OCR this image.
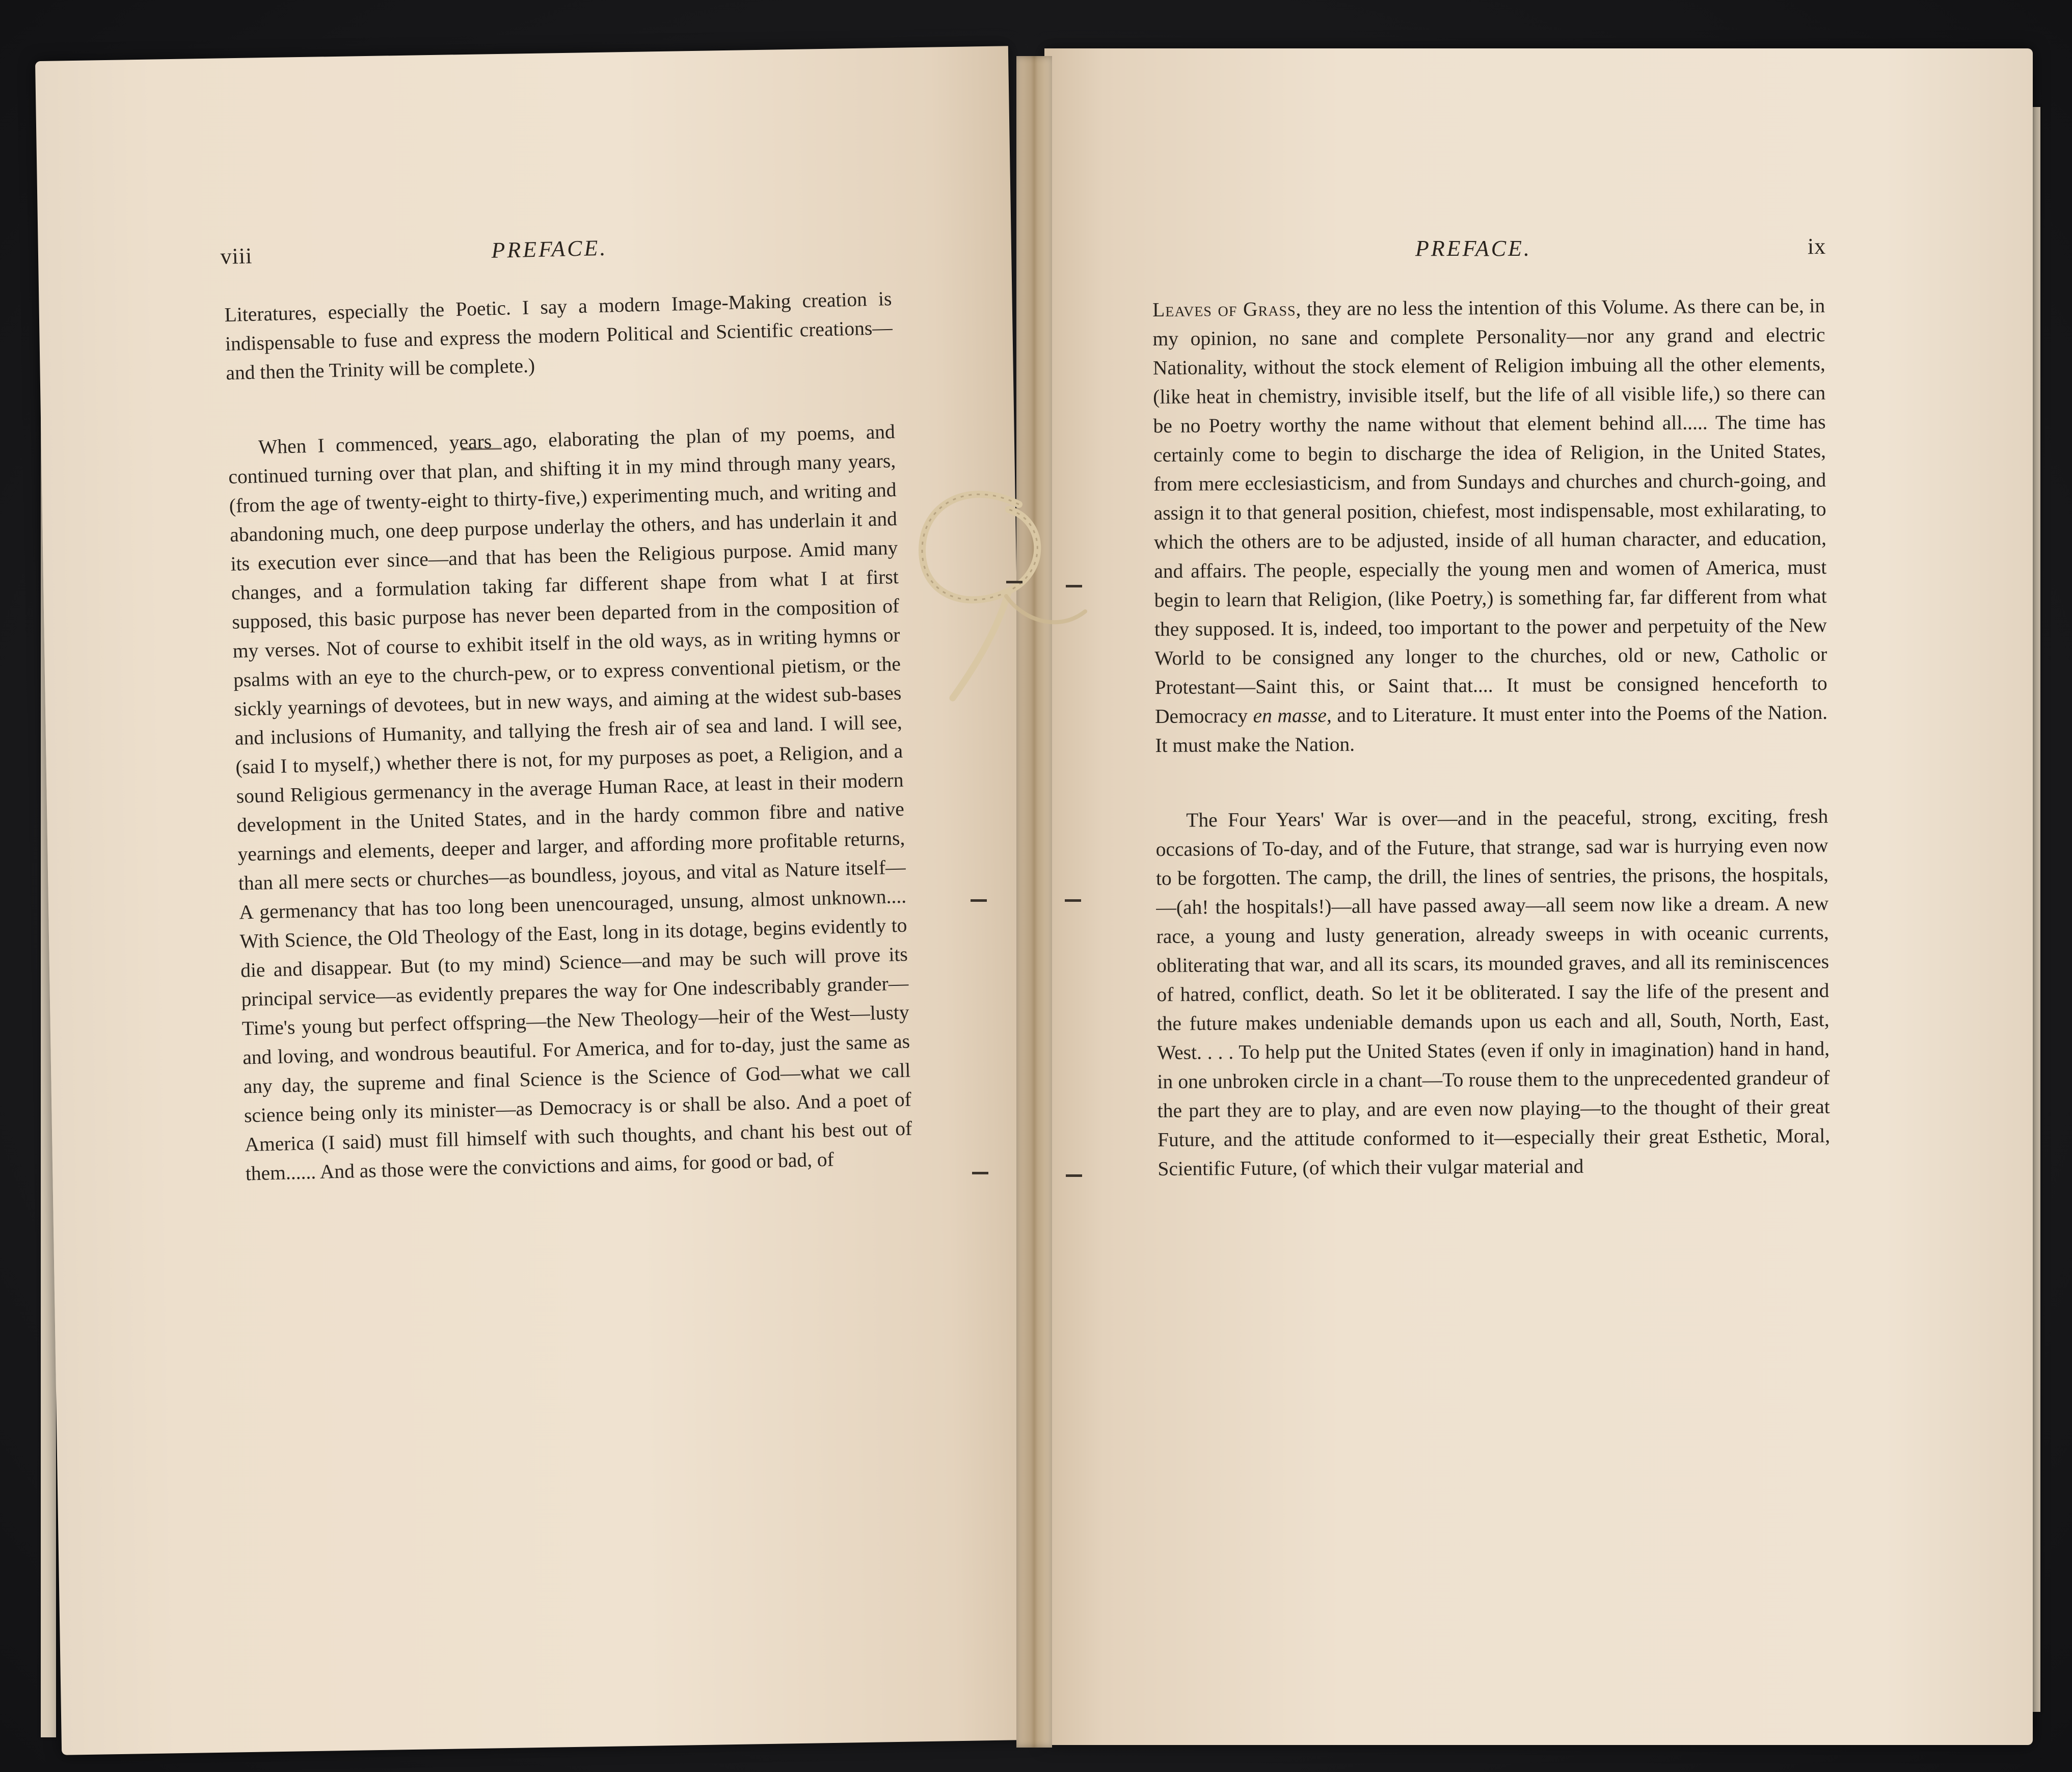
viii	PREFACE.

Literatures, especially the Poetic. I say a modern Image-Making creation is indispensable to fuse and express the modern Political and Scientific creations—and then the Trinity will be complete.)

When I commenced, years ago, elaborating the plan of my poems, and continued turning over that plan, and shifting it in my mind through many years, (from the age of twenty-eight to thirty-five,) experimenting much, and writing and abandoning much, one deep purpose underlay the others, and has underlain it and its execution ever since—and that has been the Religious purpose. Amid many changes, and a formulation taking far different shape from what I at first supposed, this basic purpose has never been departed from in the composition of my verses. Not of course to exhibit itself in the old ways, as in writing hymns or psalms with an eye to the church-pew, or to express conventional pietism, or the sickly yearnings of devotees, but in new ways, and aiming at the widest sub-bases and inclusions of Humanity, and tallying the fresh air of sea and land. I will see, (said I to myself,) whether there is not, for my purposes as poet, a Religion, and a sound Religious germenancy in the average Human Race, at least in their modern development in the United States, and in the hardy common fibre and native yearnings and elements, deeper and larger, and affording more profitable returns, than all mere sects or churches—as boundless, joyous, and vital as Nature itself—A germenancy that has too long been unencouraged, unsung, almost unknown.... With Science, the Old Theology of the East, long in its dotage, begins evidently to die and disappear. But (to my mind) Science—and may be such will prove its principal service—as evidently prepares the way for One indescribably grander—Time's young but perfect offspring—the New Theology—heir of the West—lusty and loving, and wondrous beautiful. For America, and for to-day, just the same as any day, the supreme and final Science is the Science of God—what we call science being only its minister—as Democracy is or shall be also. And a poet of America (I said) must fill himself with such thoughts, and chant his best out of them...... And as those were the convictions and aims, for good or bad, of

PREFACE.	ix

Leaves of Grass, they are no less the intention of this Volume. As there can be, in my opinion, no sane and complete Personality—nor any grand and electric Nationality, without the stock element of Religion imbuing all the other elements, (like heat in chemistry, invisible itself, but the life of all visible life,) so there can be no Poetry worthy the name without that element behind all..... The time has certainly come to begin to discharge the idea of Religion, in the United States, from mere ecclesiasticism, and from Sundays and churches and church-going, and assign it to that general position, chiefest, most indispensable, most exhilarating, to which the others are to be adjusted, inside of all human character, and education, and affairs. The people, especially the young men and women of America, must begin to learn that Religion, (like Poetry,) is something far, far different from what they supposed. It is, indeed, too important to the power and perpetuity of the New World to be consigned any longer to the churches, old or new, Catholic or Protestant—Saint this, or Saint that.... It must be consigned henceforth to Democracy en masse, and to Literature. It must enter into the Poems of the Nation. It must make the Nation.

The Four Years' War is over—and in the peaceful, strong, exciting, fresh occasions of To-day, and of the Future, that strange, sad war is hurrying even now to be forgotten. The camp, the drill, the lines of sentries, the prisons, the hospitals, —(ah! the hospitals!)—all have passed away—all seem now like a dream. A new race, a young and lusty generation, already sweeps in with oceanic currents, obliterating that war, and all its scars, its mounded graves, and all its reminiscences of hatred, conflict, death. So let it be obliterated. I say the life of the present and the future makes undeniable demands upon us each and all, South, North, East, West. . . . To help put the United States (even if only in imagination) hand in hand, in one unbroken circle in a chant—To rouse them to the unprecedented grandeur of the part they are to play, and are even now playing—to the thought of their great Future, and the attitude conformed to it—especially their great Esthetic, Moral, Scientific Future, (of which their vulgar material and
